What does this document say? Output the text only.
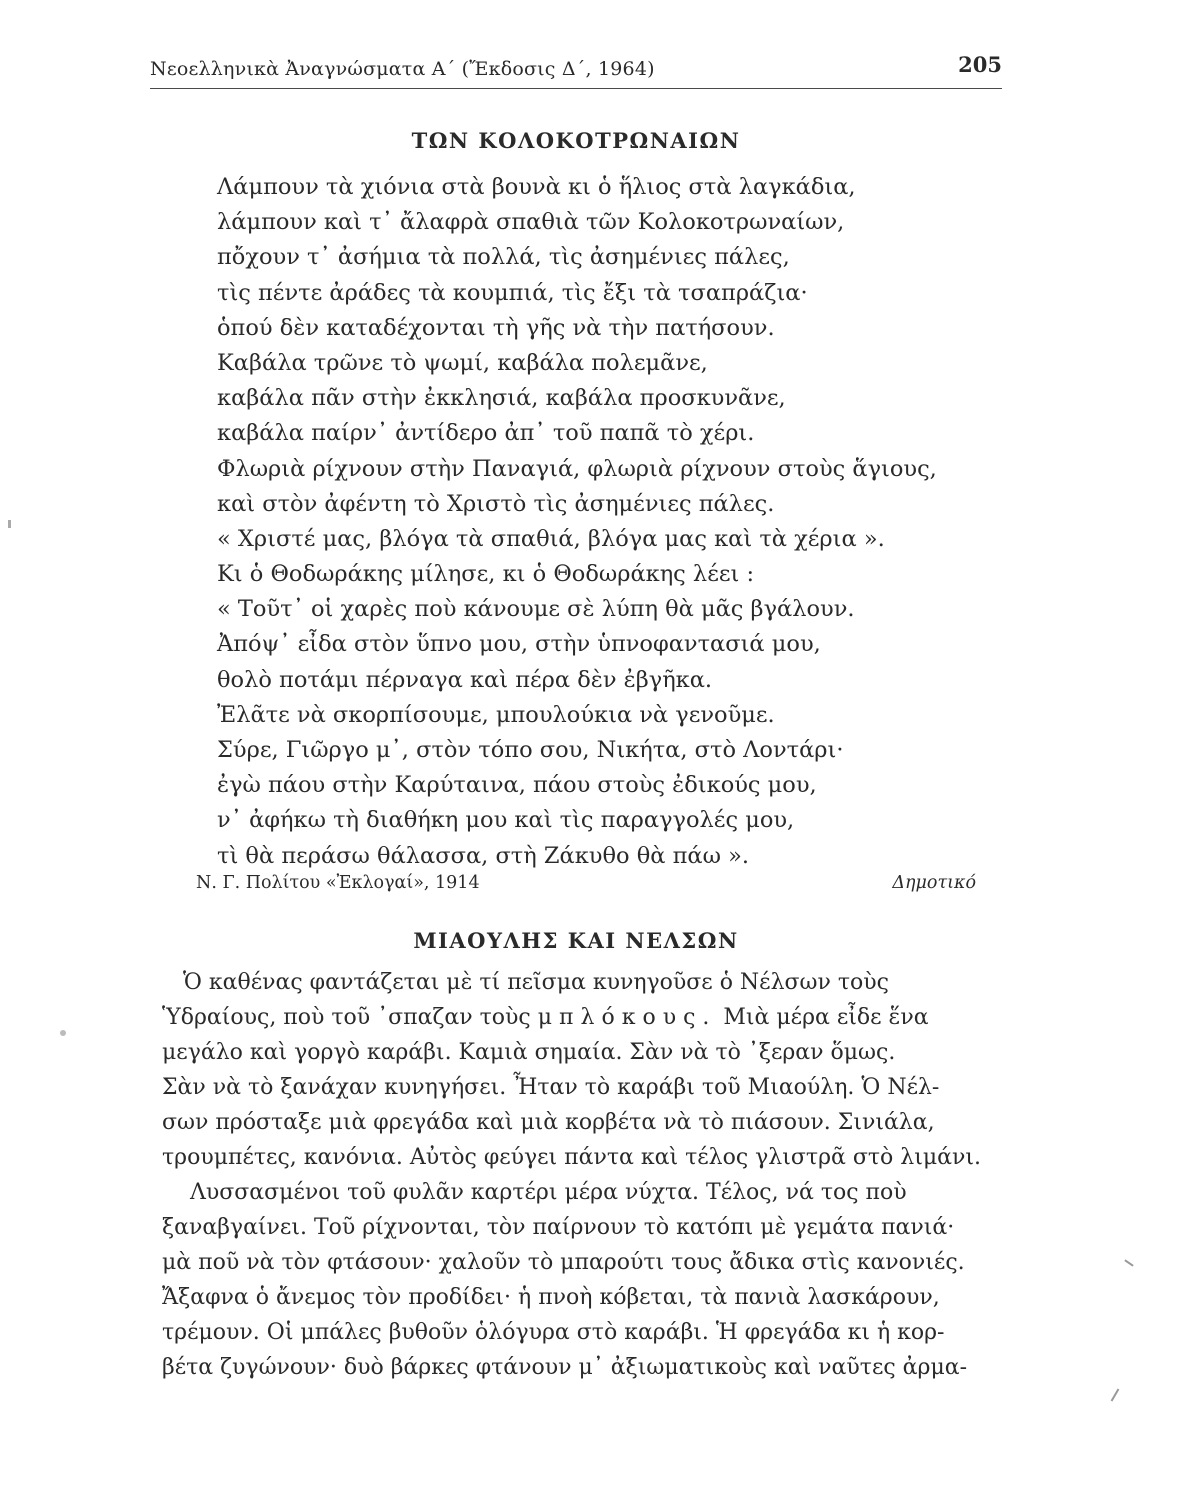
Νεοελληνικὰ Ἀναγνώσματα Α΄ (Ἔκδοσις Δ΄, 1964)	205
ΤΩΝ ΚΟΛΟΚΟΤΡΩΝΑΙΩΝ
Λάμπουν τὰ χιόνια στὰ βουνὰ κι ὁ ἥλιος στὰ λαγκάδια,
λάμπουν καὶ τ᾿ ἄλαφρὰ σπαθιὰ τῶν Κολοκοτρωναίων,
πὄχουν τ᾿ ἀσήμια τὰ πολλά, τὶς ἀσημένιες πάλες,
τὶς πέντε ἀράδες τὰ κουμπιά, τὶς ἔξι τὰ τσαπράζια·
ὁπού δὲν καταδέχονται τὴ γῆς νὰ τὴν πατήσουν.
Καβάλα τρῶνε τὸ ψωμί, καβάλα πολεμᾶνε,
καβάλα πᾶν στὴν ἐκκλησιά, καβάλα προσκυνᾶνε,
καβάλα παίρν᾿ ἀντίδερο ἀπ᾿ τοῦ παπᾶ τὸ χέρι.
Φλωριὰ ρίχνουν στὴν Παναγιά, φλωριὰ ρίχνουν στοὺς ἅγιους,
καὶ στὸν ἀφέντη τὸ Χριστὸ τὶς ἀσημένιες πάλες.
« Χριστέ μας, βλόγα τὰ σπαθιά, βλόγα μας καὶ τὰ χέρια ».
Κι ὁ Θοδωράκης μίλησε, κι ὁ Θοδωράκης λέει :
« Τοῦτ᾿ οἱ χαρὲς ποὺ κάνουμε σὲ λύπη θὰ μᾶς βγάλουν.
Ἀπόψ᾿ εἶδα στὸν ὕπνο μου, στὴν ὑπνοφαντασιά μου,
θολὸ ποτάμι πέρναγα καὶ πέρα δὲν ἐβγῆκα.
Ἐλᾶτε νὰ σκορπίσουμε, μπουλούκια νὰ γενοῦμε.
Σύρε, Γιῶργο μ᾿, στὸν τόπο σου, Νικήτα, στὸ Λοντάρι·
ἐγὼ πάου στὴν Καρύταινα, πάου στοὺς ἐδικούς μου,
ν᾿ ἀφήκω τὴ διαθήκη μου καὶ τὶς παραγγολές μου,
τὶ θὰ περάσω θάλασσα, στὴ Ζάκυθο θὰ πάω ».
Ν. Γ. Πολίτου «Ἐκλογαί», 1914	Δημοτικό
ΜΙΑΟΥΛΗΣ ΚΑΙ ΝΕΛΣΩΝ
Ὁ καθένας φαντάζεται μὲ τί πεῖσμα κυνηγοῦσε ὁ Νέλσων τοὺς
Ὑδραίους, ποὺ τοῦ ᾿σπαζαν τοὺς μπλόκους. Μιὰ μέρα εἶδε ἕνα
μεγάλο καὶ γοργὸ καράβι. Καμιὰ σημαία. Σὰν νὰ τὸ ᾿ξεραν ὅμως.
Σὰν νὰ τὸ ξανάχαν κυνηγήσει. Ἦταν τὸ καράβι τοῦ Μιαούλη. Ὁ Νέλ-
σων πρόσταξε μιὰ φρεγάδα καὶ μιὰ κορβέτα νὰ τὸ πιάσουν. Σινιάλα,
τρουμπέτες, κανόνια. Αὐτὸς φεύγει πάντα καὶ τέλος γλιστρᾶ στὸ λιμάνι.
Λυσσασμένοι τοῦ φυλᾶν καρτέρι μέρα νύχτα. Τέλος, νά τος ποὺ
ξαναβγαίνει. Τοῦ ρίχνονται, τὸν παίρνουν τὸ κατόπι μὲ γεμάτα πανιά·
μὰ ποῦ νὰ τὸν φτάσουν· χαλοῦν τὸ μπαρούτι τους ἄδικα στὶς κανονιές.
Ἄξαφνα ὁ ἄνεμος τὸν προδίδει· ἡ πνοὴ κόβεται, τὰ πανιὰ λασκάρουν,
τρέμουν. Οἱ μπάλες βυθοῦν ὁλόγυρα στὸ καράβι. Ἡ φρεγάδα κι ἡ κορ-
βέτα ζυγώνουν· δυὸ βάρκες φτάνουν μ᾿ ἀξιωματικοὺς καὶ ναῦτες ἀρμα-
